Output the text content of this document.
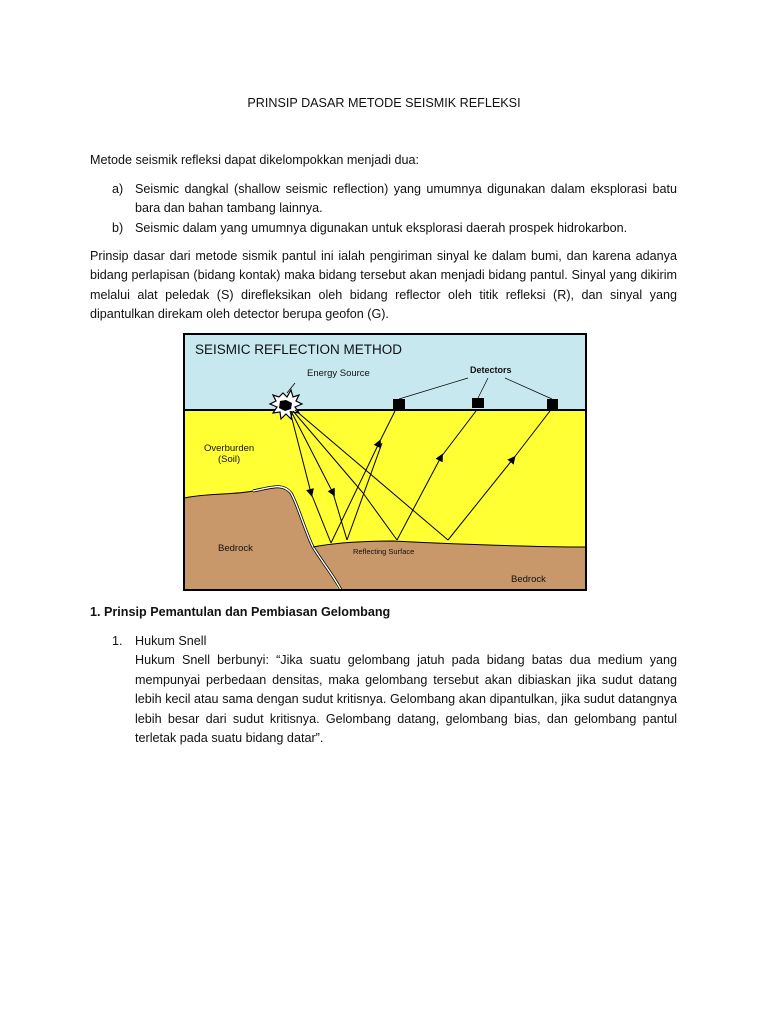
PRINSIP DASAR METODE SEISMIK REFLEKSI
Metode seismik refleksi dapat dikelompokkan menjadi dua:
a) Seismic dangkal (shallow seismic reflection) yang umumnya digunakan dalam eksplorasi batu bara dan bahan tambang lainnya.
b) Seismic dalam yang umumnya digunakan untuk eksplorasi daerah prospek hidrokarbon.
Prinsip dasar dari metode sismik pantul ini ialah pengiriman sinyal ke dalam bumi, dan karena adanya bidang perlapisan (bidang kontak) maka bidang tersebut akan menjadi bidang pantul. Sinyal yang dikirim melalui alat peledak (S) direfleksikan oleh bidang reflector oleh titik refleksi (R), dan sinyal yang dipantulkan direkam oleh detector berupa geofon (G).
SEISMIC REFLECTION METHOD
Energy Source	Detectors
Overburden
(Soil)
Bedrock	Reflecting Surface
Bedrock
1. Prinsip Pemantulan dan Pembiasan Gelombang
1. Hukum Snell
Hukum Snell berbunyi: “Jika suatu gelombang jatuh pada bidang batas dua medium yang mempunyai perbedaan densitas, maka gelombang tersebut akan dibiaskan jika sudut datang lebih kecil atau sama dengan sudut kritisnya. Gelombang akan dipantulkan, jika sudut datangnya lebih besar dari sudut kritisnya. Gelombang datang, gelombang bias, dan gelombang pantul terletak pada suatu bidang datar”.
